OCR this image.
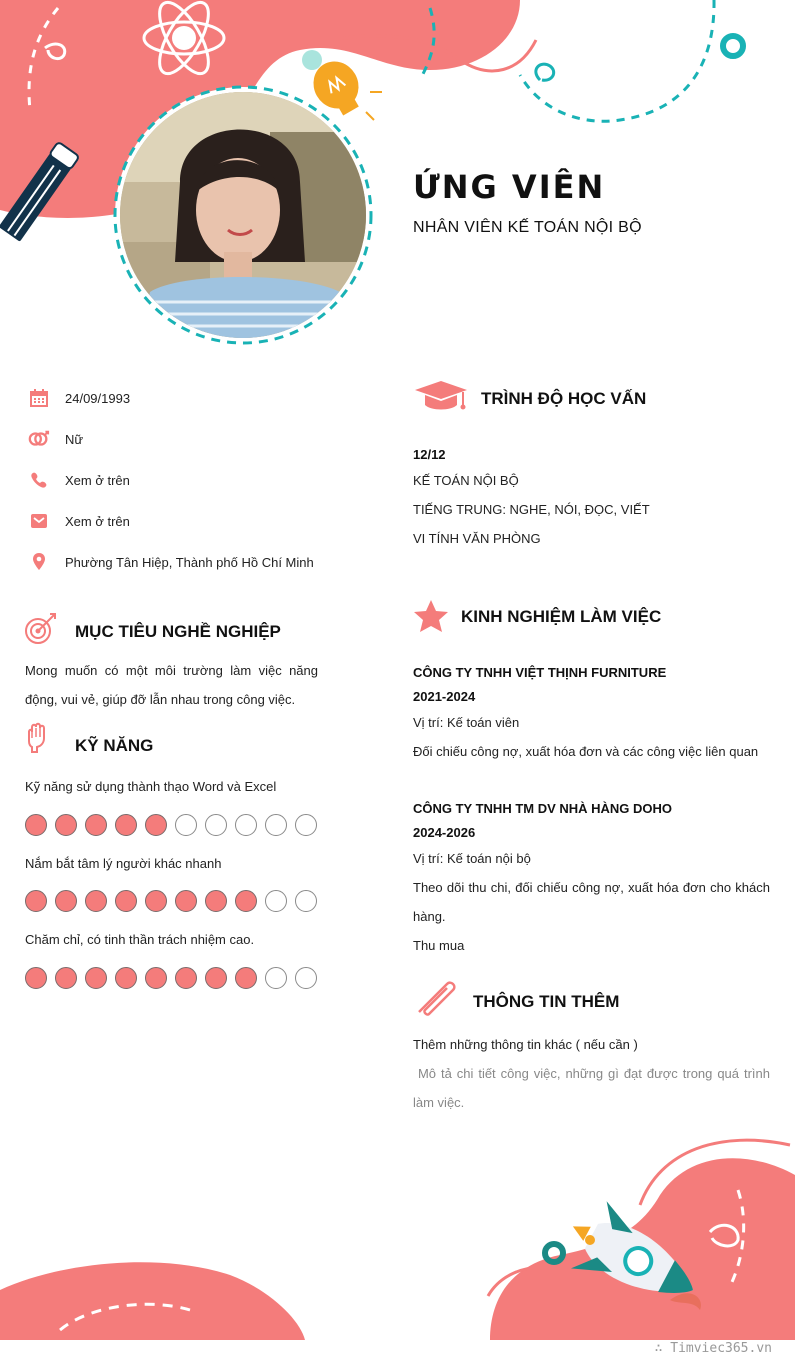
ỨNG VIÊN
NHÂN VIÊN KẾ TOÁN NỘI BỘ
24/09/1993
Nữ
Xem ở trên
Xem ở trên
Phường Tân Hiệp, Thành phố Hồ Chí Minh
MỤC TIÊU NGHỀ NGHIỆP
Mong muốn có một môi trường làm việc năng động, vui vẻ, giúp đỡ lẫn nhau trong công việc.
KỸ NĂNG
Kỹ năng sử dụng thành thạo Word và Excel
Nắm bắt tâm lý người khác nhanh
Chăm chỉ, có tinh thần trách nhiệm cao.
TRÌNH ĐỘ HỌC VẤN
12/12
KẾ TOÁN NỘI BỘ
TIẾNG TRUNG: NGHE, NÓI, ĐỌC, VIẾT
VI TÍNH VĂN PHÒNG
KINH NGHIỆM LÀM VIỆC
CÔNG TY TNHH VIỆT THỊNH FURNITURE
2021-2024
Vị trí: Kế toán viên
Đối chiếu công nợ, xuất hóa đơn và các công việc liên quan
CÔNG TY TNHH TM DV NHÀ HÀNG DOHO
2024-2026
Vị trí: Kế toán nội bộ
Theo dõi thu chi, đối chiếu công nợ, xuất hóa đơn cho khách hàng.
Thu mua
THÔNG TIN THÊM
Thêm những thông tin khác ( nếu cần )
Mô tả chi tiết công việc, những gì đạt được trong quá trình làm việc.
∴ Timviec365.vn
